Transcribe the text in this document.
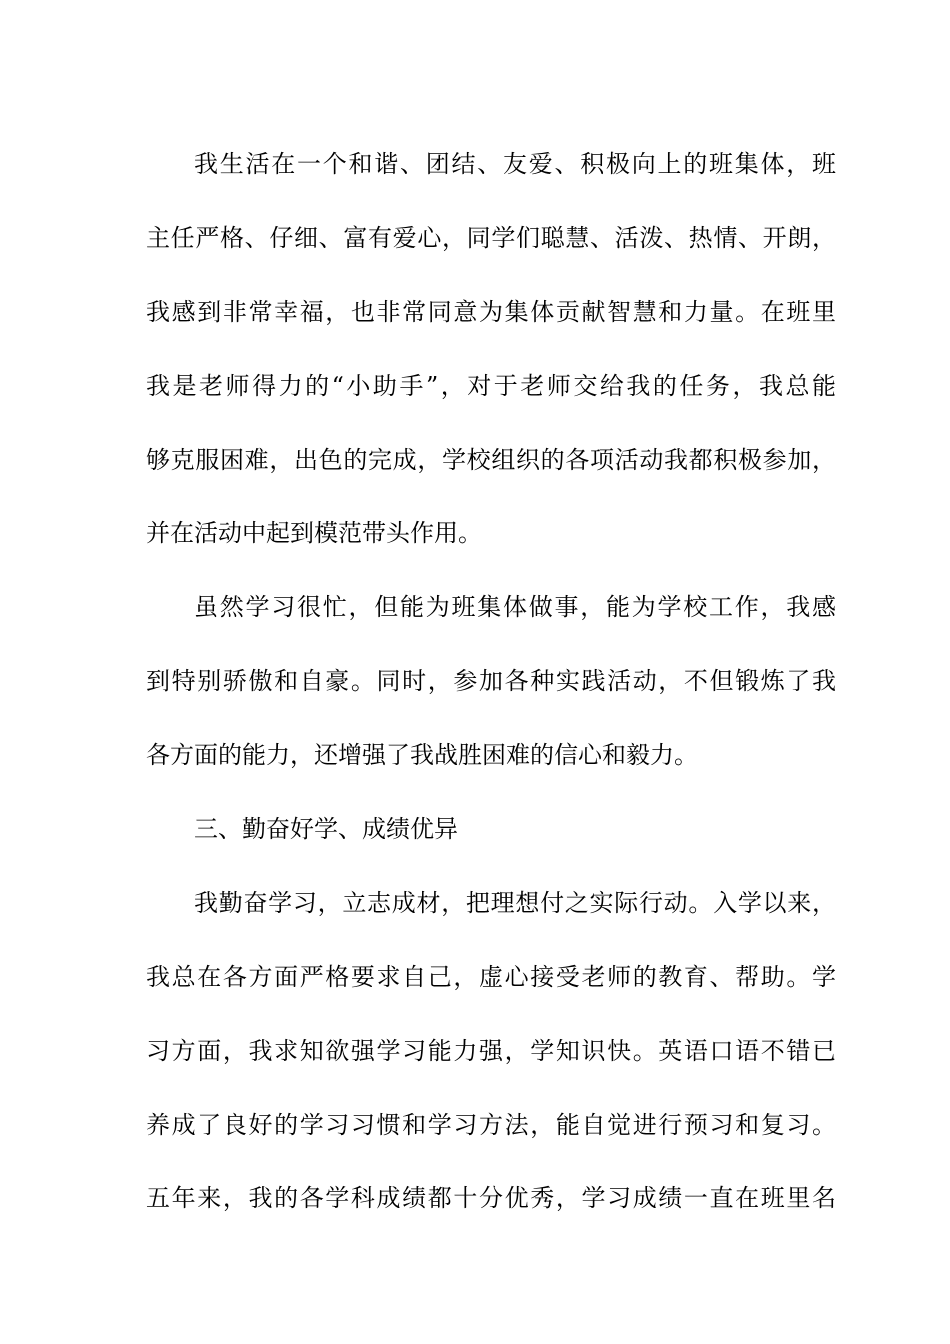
我生活在一个和谐、团结、友爱、积极向上的班集体，班
主任严格、仔细、富有爱心，同学们聪慧、活泼、热情、开朗，
我感到非常幸福，也非常同意为集体贡献智慧和力量。在班里
我是老师得力的“小助手”，对于老师交给我的任务，我总能
够克服困难，出色的完成，学校组织的各项活动我都积极参加，
并在活动中起到模范带头作用。
虽然学习很忙，但能为班集体做事，能为学校工作，我感
到特别骄傲和自豪。同时，参加各种实践活动，不但锻炼了我
各方面的能力，还增强了我战胜困难的信心和毅力。
三、勤奋好学、成绩优异
我勤奋学习，立志成材，把理想付之实际行动。入学以来，
我总在各方面严格要求自己，虚心接受老师的教育、帮助。学
习方面，我求知欲强学习能力强，学知识快。英语口语不错已
养成了良好的学习习惯和学习方法，能自觉进行预习和复习。
五年来，我的各学科成绩都十分优秀，学习成绩一直在班里名
